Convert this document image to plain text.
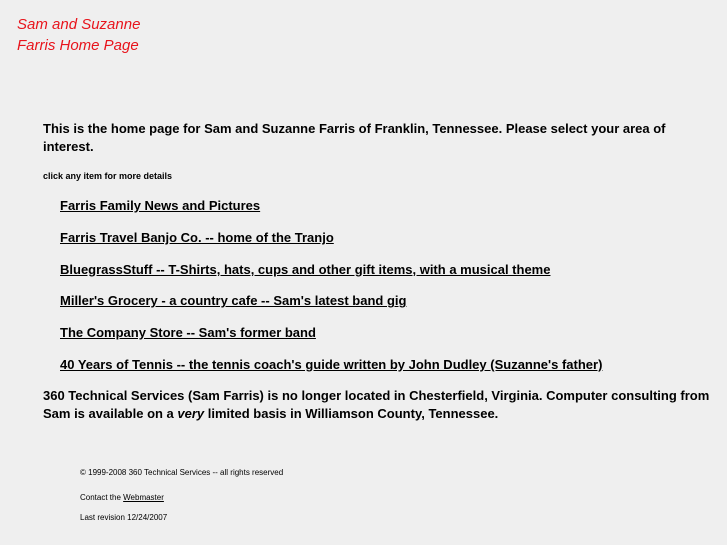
Sam and Suzanne
Farris Home Page
This is the home page for Sam and Suzanne Farris of Franklin, Tennessee. Please select your area of interest.
click any item for more details
Farris Family News and Pictures
Farris Travel Banjo Co. -- home of the Tranjo
BluegrassStuff -- T-Shirts, hats, cups and other gift items, with a musical theme
Miller's Grocery - a country cafe -- Sam's latest band gig
The Company Store -- Sam's former band
40 Years of Tennis -- the tennis coach's guide written by John Dudley (Suzanne's father)
360 Technical Services (Sam Farris) is no longer located in Chesterfield, Virginia. Computer consulting from Sam is available on a very limited basis in Williamson County, Tennessee.
© 1999-2008 360 Technical Services -- all rights reserved
Contact the Webmaster
Last revision 12/24/2007
